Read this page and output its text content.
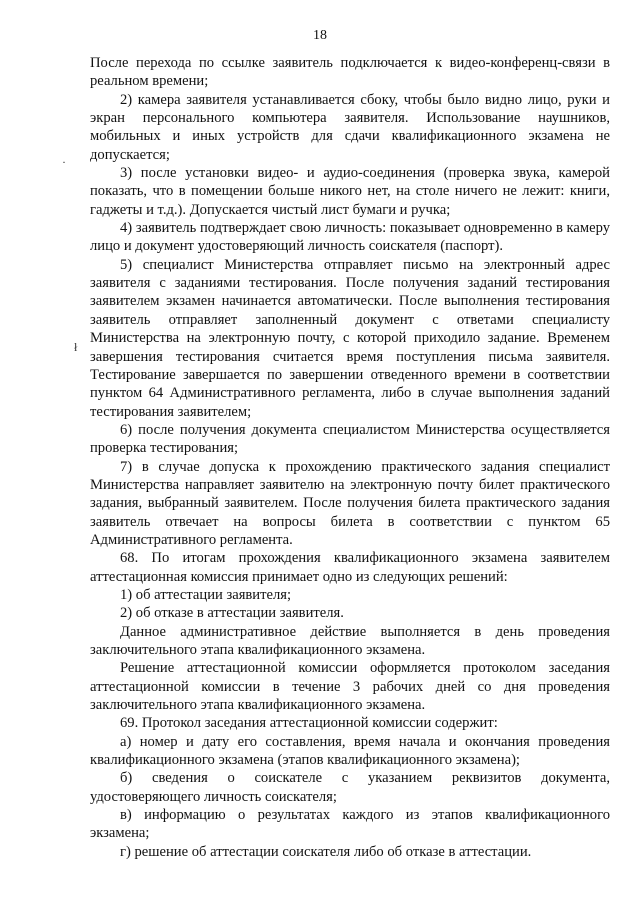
18
·
ł

После перехода по ссылке заявитель подключается к видео-конференц-связи в реальном времени;

2) камера заявителя устанавливается сбоку, чтобы было видно лицо, руки и экран персонального компьютера заявителя. Использование наушников, мобильных и иных устройств для сдачи квалификационного экзамена не допускается;

3) после установки видео- и аудио-соединения (проверка звука, камерой показать, что в помещении больше никого нет, на столе ничего не лежит: книги, гаджеты и т.д.). Допускается чистый лист бумаги и ручка;

4) заявитель подтверждает свою личность: показывает одновременно в камеру лицо и документ удостоверяющий личность соискателя (паспорт).

5) специалист Министерства отправляет письмо на электронный адрес заявителя с заданиями тестирования. После получения заданий тестирования заявителем экзамен начинается автоматически. После выполнения тестирования заявитель отправляет заполненный документ с ответами специалисту Министерства на электронную почту, с которой приходило задание. Временем завершения тестирования считается время поступления письма заявителя. Тестирование завершается по завершении отведенного времени в соответствии пунктом 64 Административного регламента, либо в случае выполнения заданий тестирования заявителем;

6) после получения документа специалистом Министерства осуществляется проверка тестирования;

7) в случае допуска к прохождению практического задания специалист Министерства направляет заявителю на электронную почту билет практического задания, выбранный заявителем. После получения билета практического задания заявитель отвечает на вопросы билета в соответствии с пунктом 65 Административного регламента.

68. По итогам прохождения квалификационного экзамена заявителем аттестационная комиссия принимает одно из следующих решений:

1) об аттестации заявителя;

2) об отказе в аттестации заявителя.

Данное административное действие выполняется в день проведения заключительного этапа квалификационного экзамена.

Решение аттестационной комиссии оформляется протоколом заседания аттестационной комиссии в течение 3 рабочих дней со дня проведения заключительного этапа квалификационного экзамена.

69. Протокол заседания аттестационной комиссии содержит:

а) номер и дату его составления, время начала и окончания проведения квалификационного экзамена (этапов квалификационного экзамена);

б) сведения о соискателе с указанием реквизитов документа, удостоверяющего личность соискателя;

в) информацию о результатах каждого из этапов квалификационного экзамена;

г) решение об аттестации соискателя либо об отказе в аттестации.
